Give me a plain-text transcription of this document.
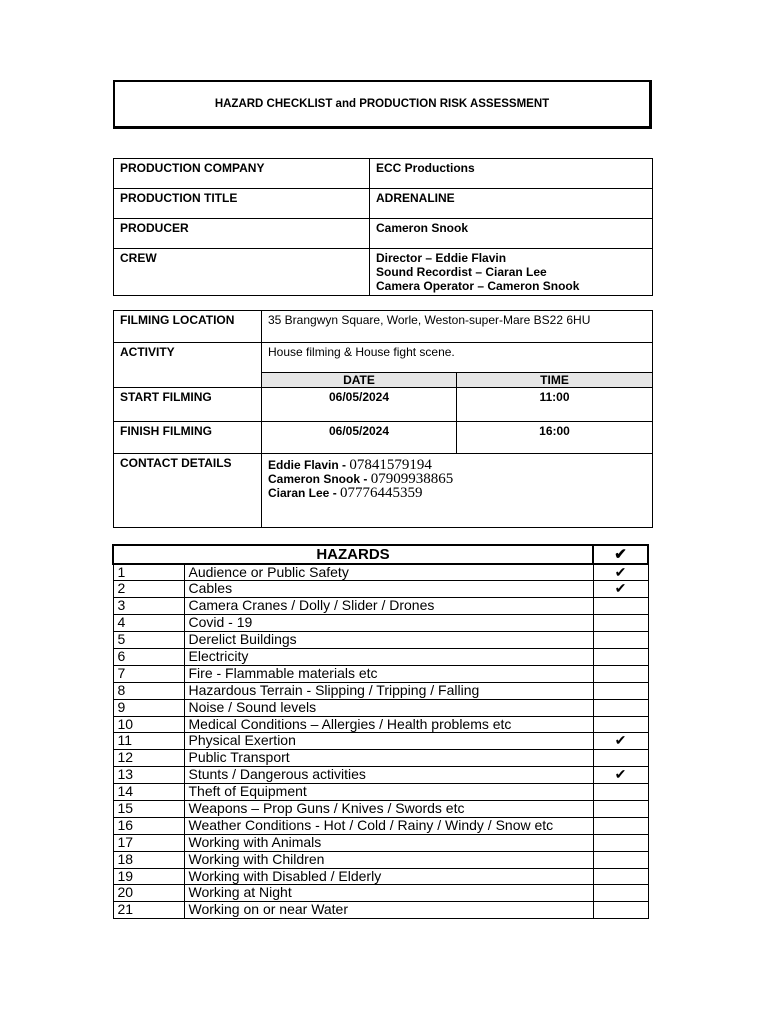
HAZARD CHECKLIST and PRODUCTION RISK ASSESSMENT
PRODUCTION COMPANY	ECC Productions
PRODUCTION TITLE	ADRENALINE
PRODUCER	Cameron Snook
CREW	Director – Eddie Flavin
Sound Recordist – Ciaran Lee
Camera Operator – Cameron Snook
FILMING LOCATION	35 Brangwyn Square, Worle, Weston-super-Mare BS22 6HU	
ACTIVITY	House filming & House fight scene.	
	DATE	TIME
START FILMING	06/05/2024	11:00
FINISH FILMING	06/05/2024	16:00
CONTACT DETAILS	Eddie Flavin - 07841579194
Cameron Snook - 07909938865
Ciaran Lee - 07776445359	
HAZARDS		✔
1	Audience or Public Safety	✔
2	Cables	✔
3	Camera Cranes / Dolly / Slider / Drones	
4	Covid - 19	
5	Derelict Buildings	
6	Electricity	
7	Fire - Flammable materials etc	
8	Hazardous Terrain - Slipping / Tripping / Falling	
9	Noise / Sound levels	
10	Medical Conditions – Allergies / Health problems etc	
11	Physical Exertion	✔
12	Public Transport	
13	Stunts / Dangerous activities	✔
14	Theft of Equipment	
15	Weapons – Prop Guns / Knives / Swords etc	
16	Weather Conditions - Hot / Cold / Rainy / Windy / Snow etc	
17	Working with Animals	
18	Working with Children	
19	Working with Disabled / Elderly	
20	Working at Night	
21	Working on or near Water	
